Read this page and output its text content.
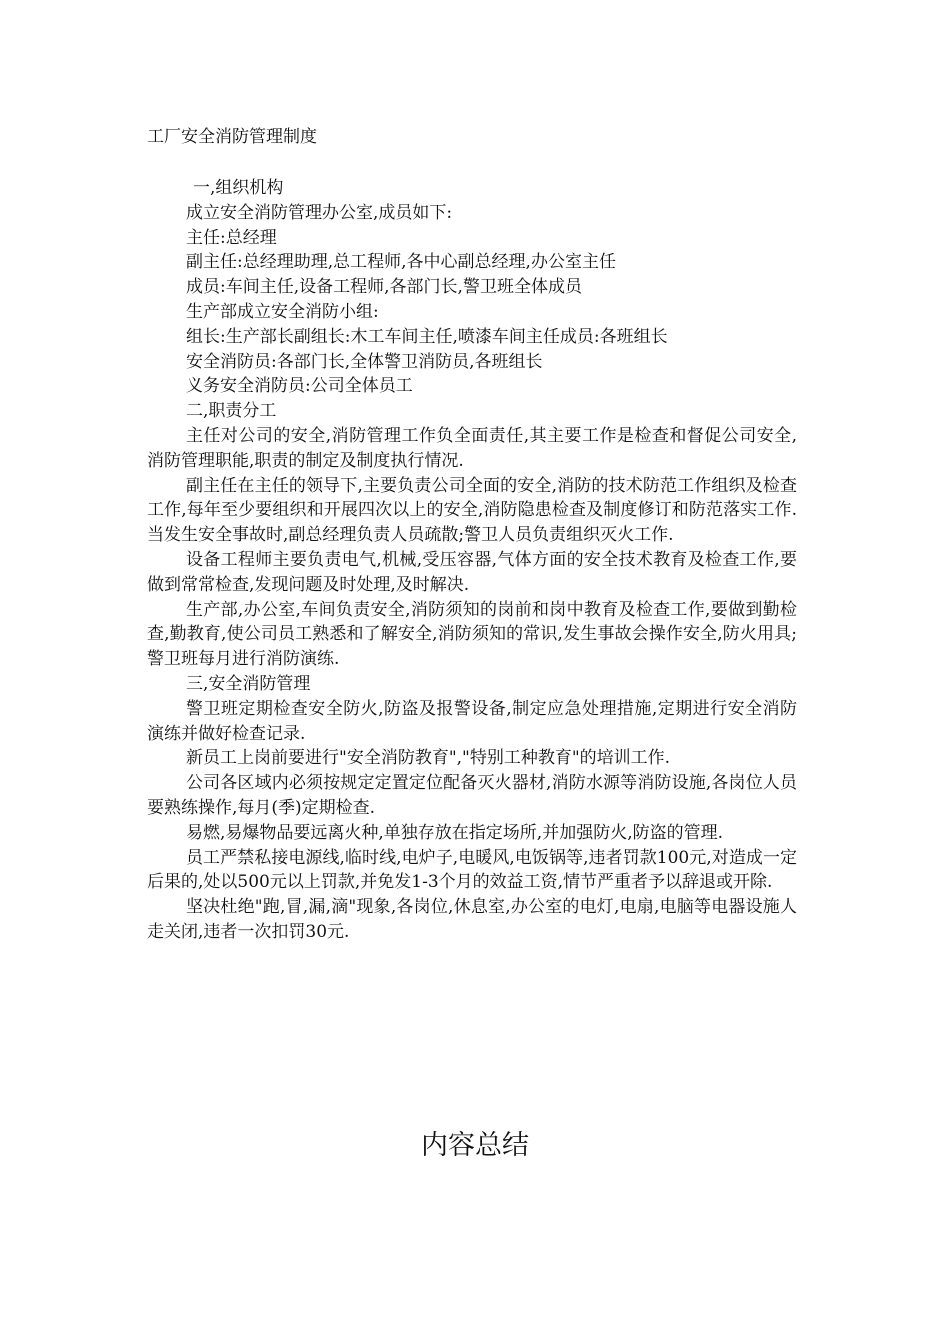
工厂安全消防管理制度

一,组织机构

成立安全消防管理办公室,成员如下:

主任:总经理

副主任:总经理助理,总工程师,各中心副总经理,办公室主任

成员:车间主任,设备工程师,各部门长,警卫班全体成员

生产部成立安全消防小组:

组长:生产部长副组长:木工车间主任,喷漆车间主任成员:各班组长

安全消防员:各部门长,全体警卫消防员,各班组长

义务安全消防员:公司全体员工

二,职责分工

主任对公司的安全,消防管理工作负全面责任,其主要工作是检查和督促公司安全,消防管理职能,职责的制定及制度执行情况.

副主任在主任的领导下,主要负责公司全面的安全,消防的技术防范工作组织及检查工作,每年至少要组织和开展四次以上的安全,消防隐患检查及制度修订和防范落实工作.当发生安全事故时,副总经理负责人员疏散;警卫人员负责组织灭火工作.

设备工程师主要负责电气,机械,受压容器,气体方面的安全技术教育及检查工作,要做到常常检查,发现问题及时处理,及时解决.

生产部,办公室,车间负责安全,消防须知的岗前和岗中教育及检查工作,要做到勤检查,勤教育,使公司员工熟悉和了解安全,消防须知的常识,发生事故会操作安全,防火用具;警卫班每月进行消防演练.

三,安全消防管理

警卫班定期检查安全防火,防盗及报警设备,制定应急处理措施,定期进行安全消防演练并做好检查记录.

新员工上岗前要进行"安全消防教育","特别工种教育"的培训工作.

公司各区域内必须按规定定置定位配备灭火器材,消防水源等消防设施,各岗位人员要熟练操作,每月(季)定期检查.

易燃,易爆物品要远离火种,单独存放在指定场所,并加强防火,防盗的管理.

员工严禁私接电源线,临时线,电炉子,电暖风,电饭锅等,违者罚款100元,对造成一定后果的,处以500元以上罚款,并免发1-3个月的效益工资,情节严重者予以辞退或开除.

坚决杜绝"跑,冒,漏,滴"现象,各岗位,休息室,办公室的电灯,电扇,电脑等电器设施人走关闭,违者一次扣罚30元.

内容总结
